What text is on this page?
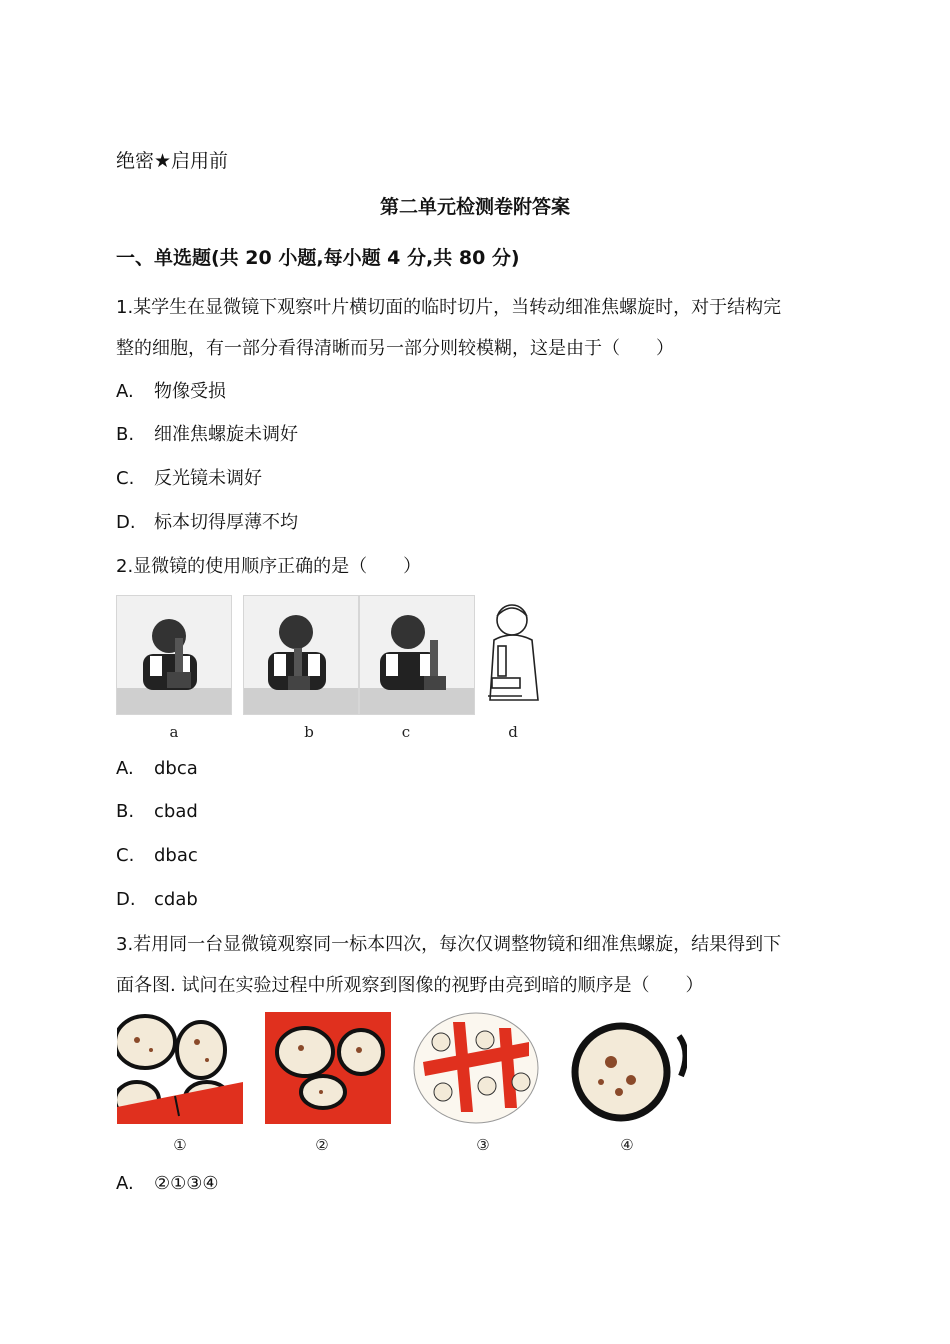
绝密★启用前
第二单元检测卷附答案
一、单选题(共 20 小题,每小题 4 分,共 80 分)
1.某学生在显微镜下观察叶片横切面的临时切片，当转动细准焦螺旋时，对于结构完
整的细胞，有一部分看得清晰而另一部分则较模糊，这是由于（　　）
A. 物像受损
B. 细准焦螺旋未调好
C. 反光镜未调好
D. 标本切得厚薄不均
2.显微镜的使用顺序正确的是（　　）
a	b	c	d
A. dbca
B. cbad
C. dbac
D. cdab
3.若用同一台显微镜观察同一标本四次，每次仅调整物镜和细准焦螺旋，结果得到下
面各图. 试问在实验过程中所观察到图像的视野由亮到暗的顺序是（　　）
①	②	③	④
A. ②①③④
